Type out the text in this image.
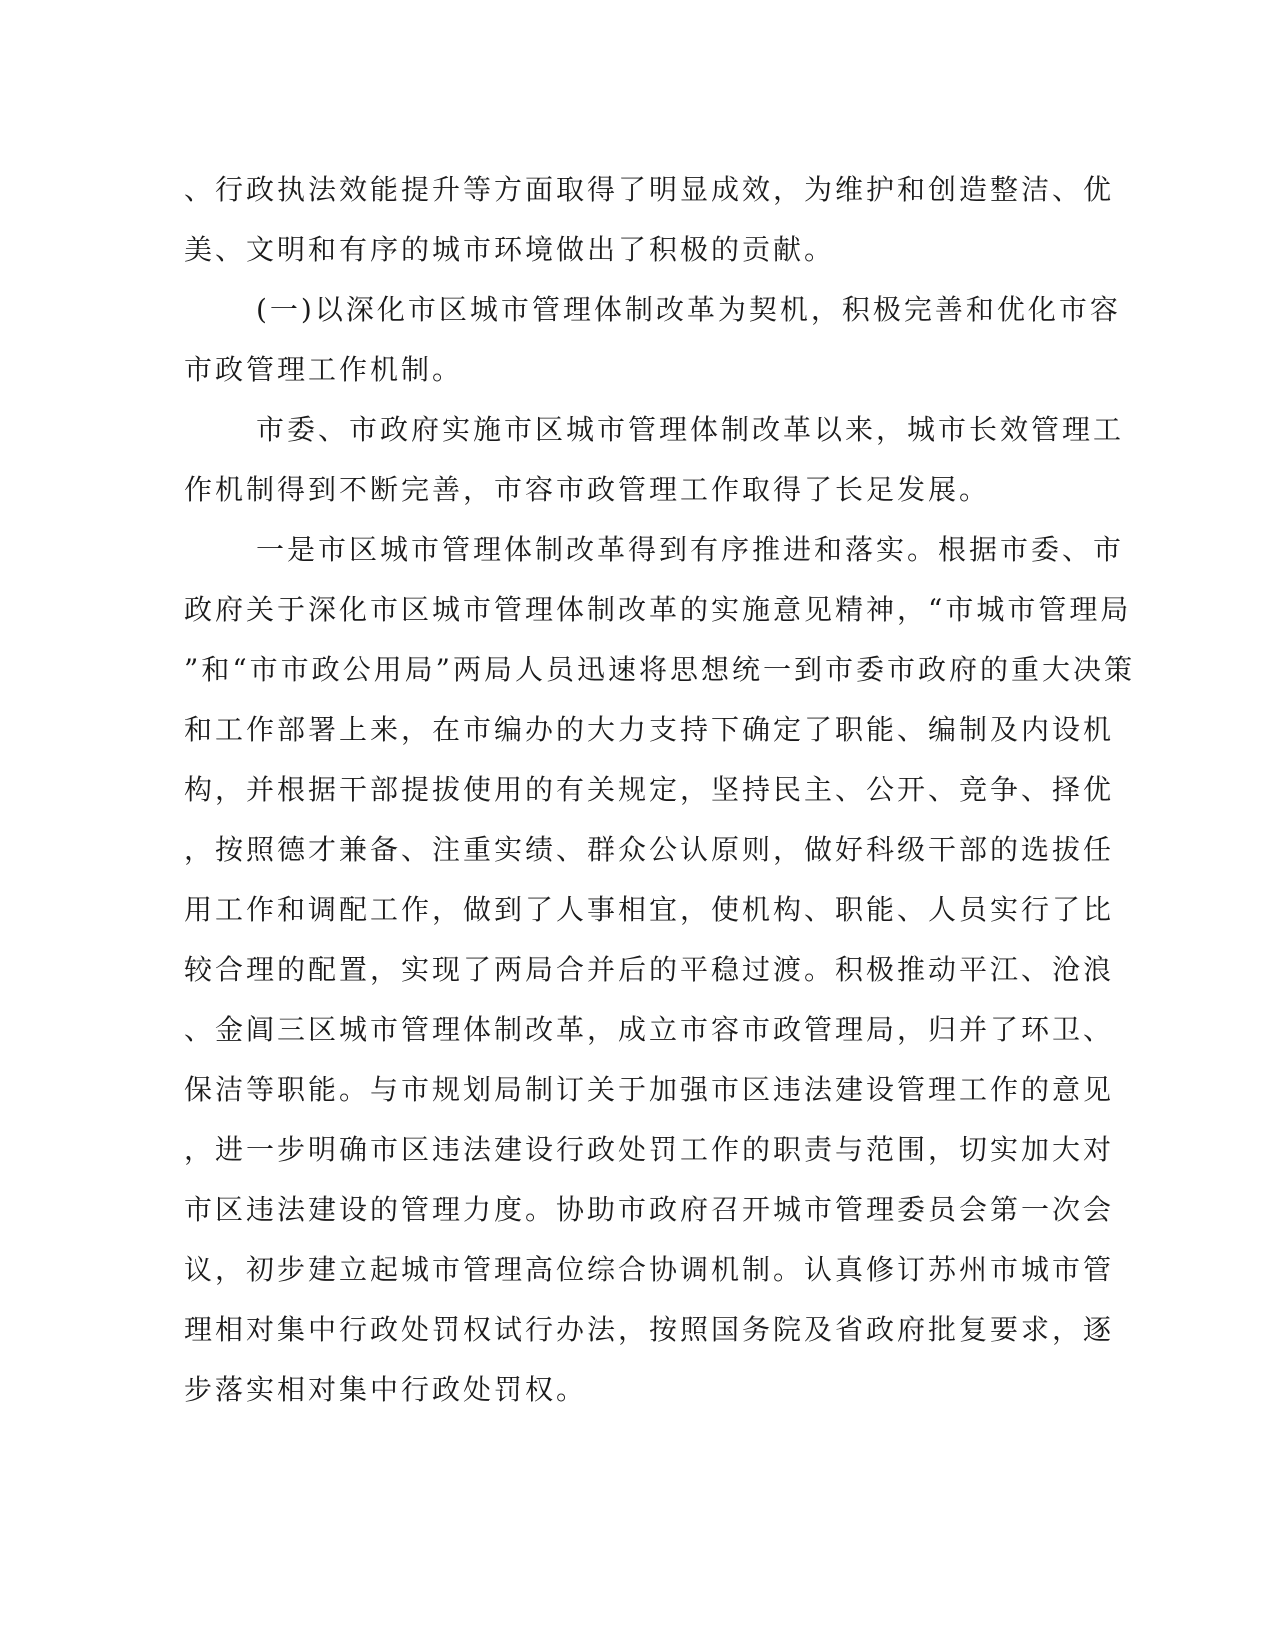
、行政执法效能提升等方面取得了明显成效，为维护和创造整洁、优
美、文明和有序的城市环境做出了积极的贡献。

(一)以深化市区城市管理体制改革为契机，积极完善和优化市容
市政管理工作机制。

市委、市政府实施市区城市管理体制改革以来，城市长效管理工
作机制得到不断完善，市容市政管理工作取得了长足发展。

一是市区城市管理体制改革得到有序推进和落实。根据市委、市
政府关于深化市区城市管理体制改革的实施意见精神，“市城市管理局
”和“市市政公用局”两局人员迅速将思想统一到市委市政府的重大决策
和工作部署上来，在市编办的大力支持下确定了职能、编制及内设机
构，并根据干部提拔使用的有关规定，坚持民主、公开、竞争、择优
，按照德才兼备、注重实绩、群众公认原则，做好科级干部的选拔任
用工作和调配工作，做到了人事相宜，使机构、职能、人员实行了比
较合理的配置，实现了两局合并后的平稳过渡。积极推动平江、沧浪
、金阊三区城市管理体制改革，成立市容市政管理局，归并了环卫、
保洁等职能。与市规划局制订关于加强市区违法建设管理工作的意见
，进一步明确市区违法建设行政处罚工作的职责与范围，切实加大对
市区违法建设的管理力度。协助市政府召开城市管理委员会第一次会
议，初步建立起城市管理高位综合协调机制。认真修订苏州市城市管
理相对集中行政处罚权试行办法，按照国务院及省政府批复要求，逐
步落实相对集中行政处罚权。
